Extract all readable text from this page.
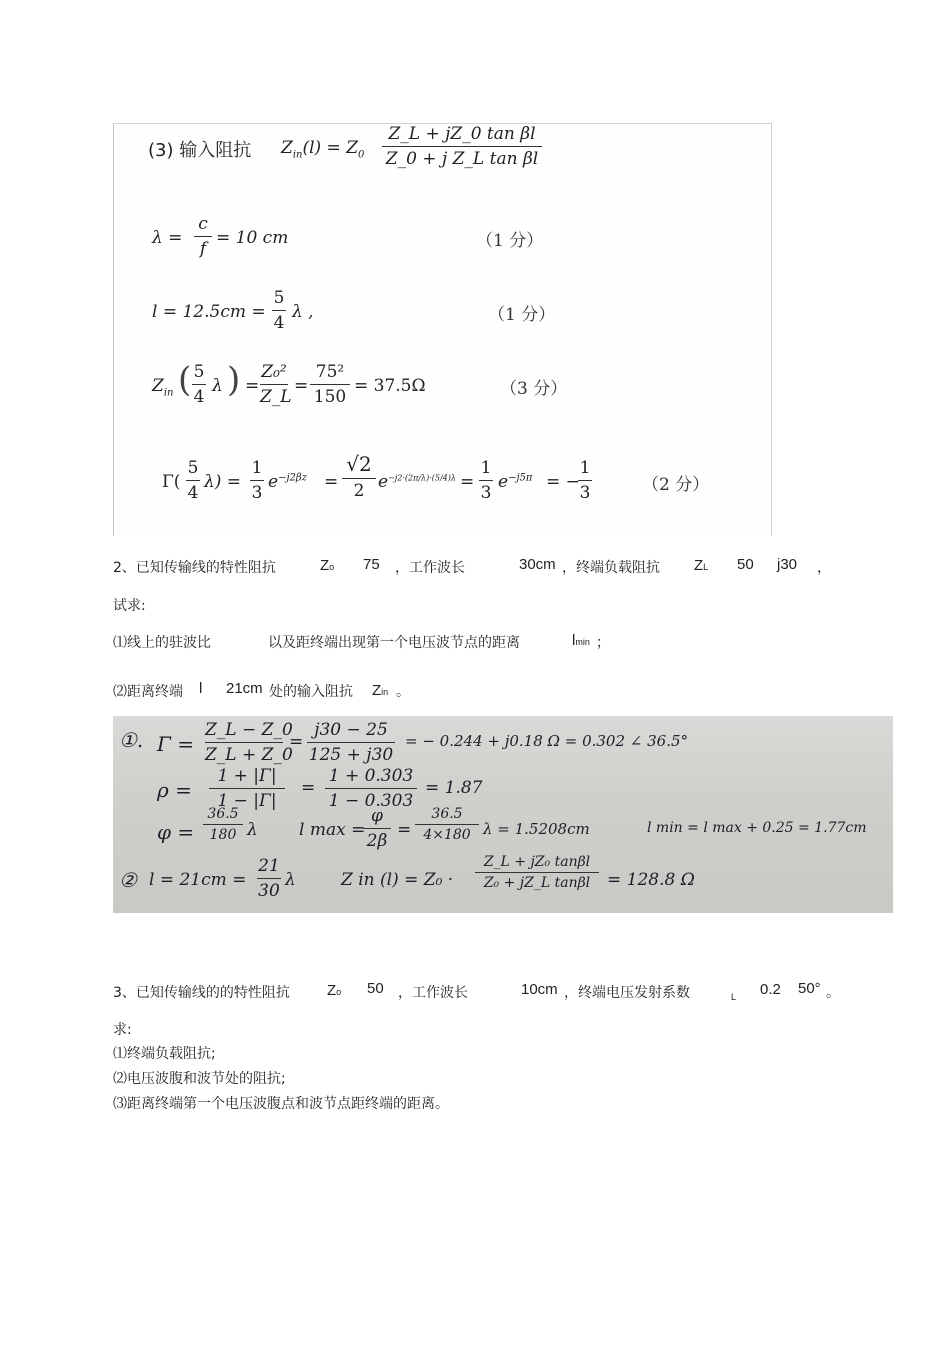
(3) 输入阻抗 $Z_{in}(l) = Z_0$
Z_L + jZ_0 tan βl
Z_0 + j Z_L tan βl
λ =
c
f
= 10 cm	（1 分）
l = 12.5cm =
5
4
λ ,	（1 分）
$Z_{in}$ ( 5
4
λ ) =
Z₀²
Z_L
=
75²
150
= 37.5Ω	（3 分）
Γ(
5
4
λ) =
1
3
$e^{-j2\beta z}$ =
√2
2 $e^{-j2\cdot(2\pi/\lambda)\cdot(5/4)\lambda}$ =
1
3
$e^{-j5\pi}$ = −
1
3	（2 分）
2、已知传输线的特性阻抗	Zo 75 ，工作波长	30cm ，终端负载阻抗 ZL 50 j30 ，
试求:
⑴线上的驻波比	以及距终端出现第一个电压波节点的距离	lmin ；
⑵距离终端 l 21cm 处的输入阻抗 Zin 。
①. Γ =
Z_L − Z_0
Z_L + Z_0
=
j30 − 25
125 + j30
= − 0.244 + j0.18 Ω = 0.302 ∠ 36.5°
ρ =
1 + |Γ|
1 − |Γ|
=
1 + 0.303
1 − 0.303
= 1.87
φ =
36.5
180 λ l max =
φ
2β
=
36.5
4×180 λ = 1.5208cm	l min = l max + 0.25 = 1.77cm
② l = 21cm =
21
30
λ	Z in (l) = Z₀ ·
Z_L + jZ₀ tanβl
Z₀ + jZ_L tanβl = 128.8 Ω
3、已知传输线的的特性阻抗 Zo 50 ，工作波长	10cm ，终端电压发射系数	L 0.2 50° 。
求:
⑴终端负载阻抗;
⑵电压波腹和波节处的阻抗;
⑶距离终端第一个电压波腹点和波节点距终端的距离。
